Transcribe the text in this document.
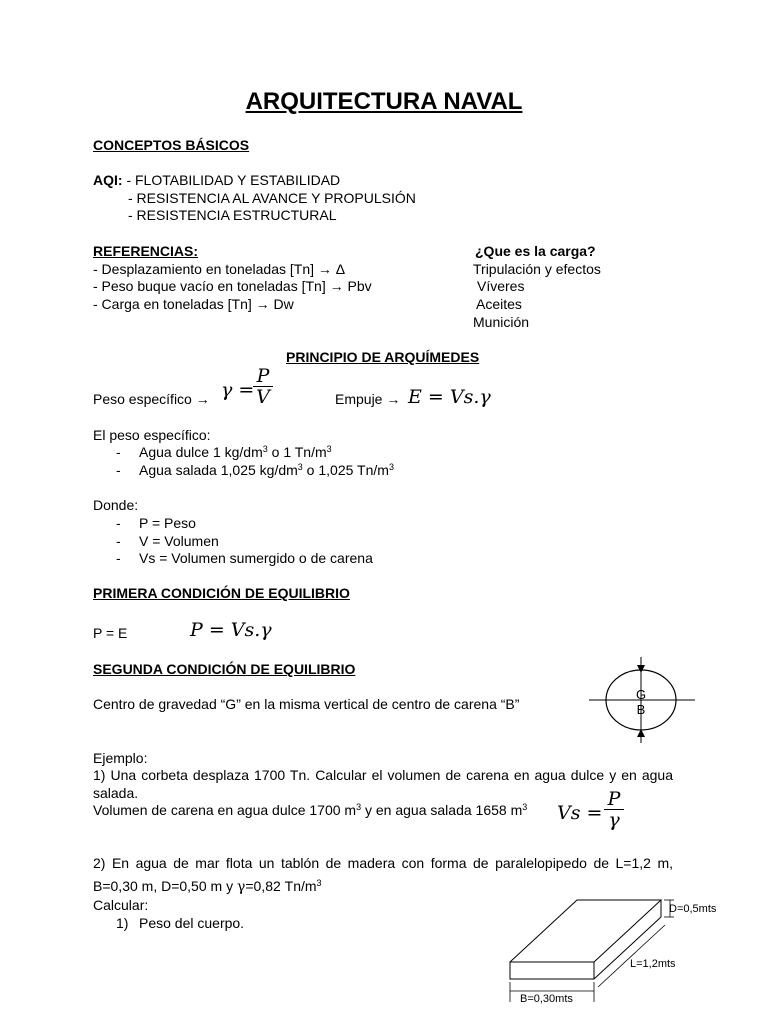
ARQUITECTURA NAVAL
CONCEPTOS BÁSICOS
AQI: - FLOTABILIDAD Y ESTABILIDAD
- RESISTENCIA AL AVANCE Y PROPULSIÓN
- RESISTENCIA ESTRUCTURAL
REFERENCIAS:
- Desplazamiento en toneladas [Tn] → Δ
- Peso buque vacío en toneladas [Tn] → Pbv
- Carga en toneladas [Tn] → Dw
¿Que es la carga?
Tripulación y efectos
Víveres
Aceites
Munición
PRINCIPIO DE ARQUÍMEDES
Peso específico → γ =
P
V	Empuje → E = Vs.γ
El peso específico:
- Agua dulce 1 $kg/dm^3$ o 1 $Tn/m^3$
- Agua salada 1,025 $kg/dm^3$ o 1,025 $Tn/m^3$
Donde:
- P = Peso
- V = Volumen
- Vs = Volumen sumergido o de carena
PRIMERA CONDICIÓN DE EQUILIBRIO
P = E	P = Vs.γ
SEGUNDA CONDICIÓN DE EQUILIBRIO
Centro de gravedad “G” en la misma vertical de centro de carena “B”
G
B
Ejemplo:
1) Una corbeta desplaza 1700 Tn. Calcular el volumen de carena en agua dulce y en agua
salada.
Volumen de carena en agua dulce 1700 $m^3$ y en agua salada 1658 $m^3$ Vs =
P
γ
2) En agua de mar flota un tablón de madera con forma de paralelopipedo de L=1,2 m,
B=0,30 m, D=0,50 m y γ=0,82 $Tn/m^3$
Calcular:
1) Peso del cuerpo.
D=0,5mts
L=1,2mts
B=0,30mts
